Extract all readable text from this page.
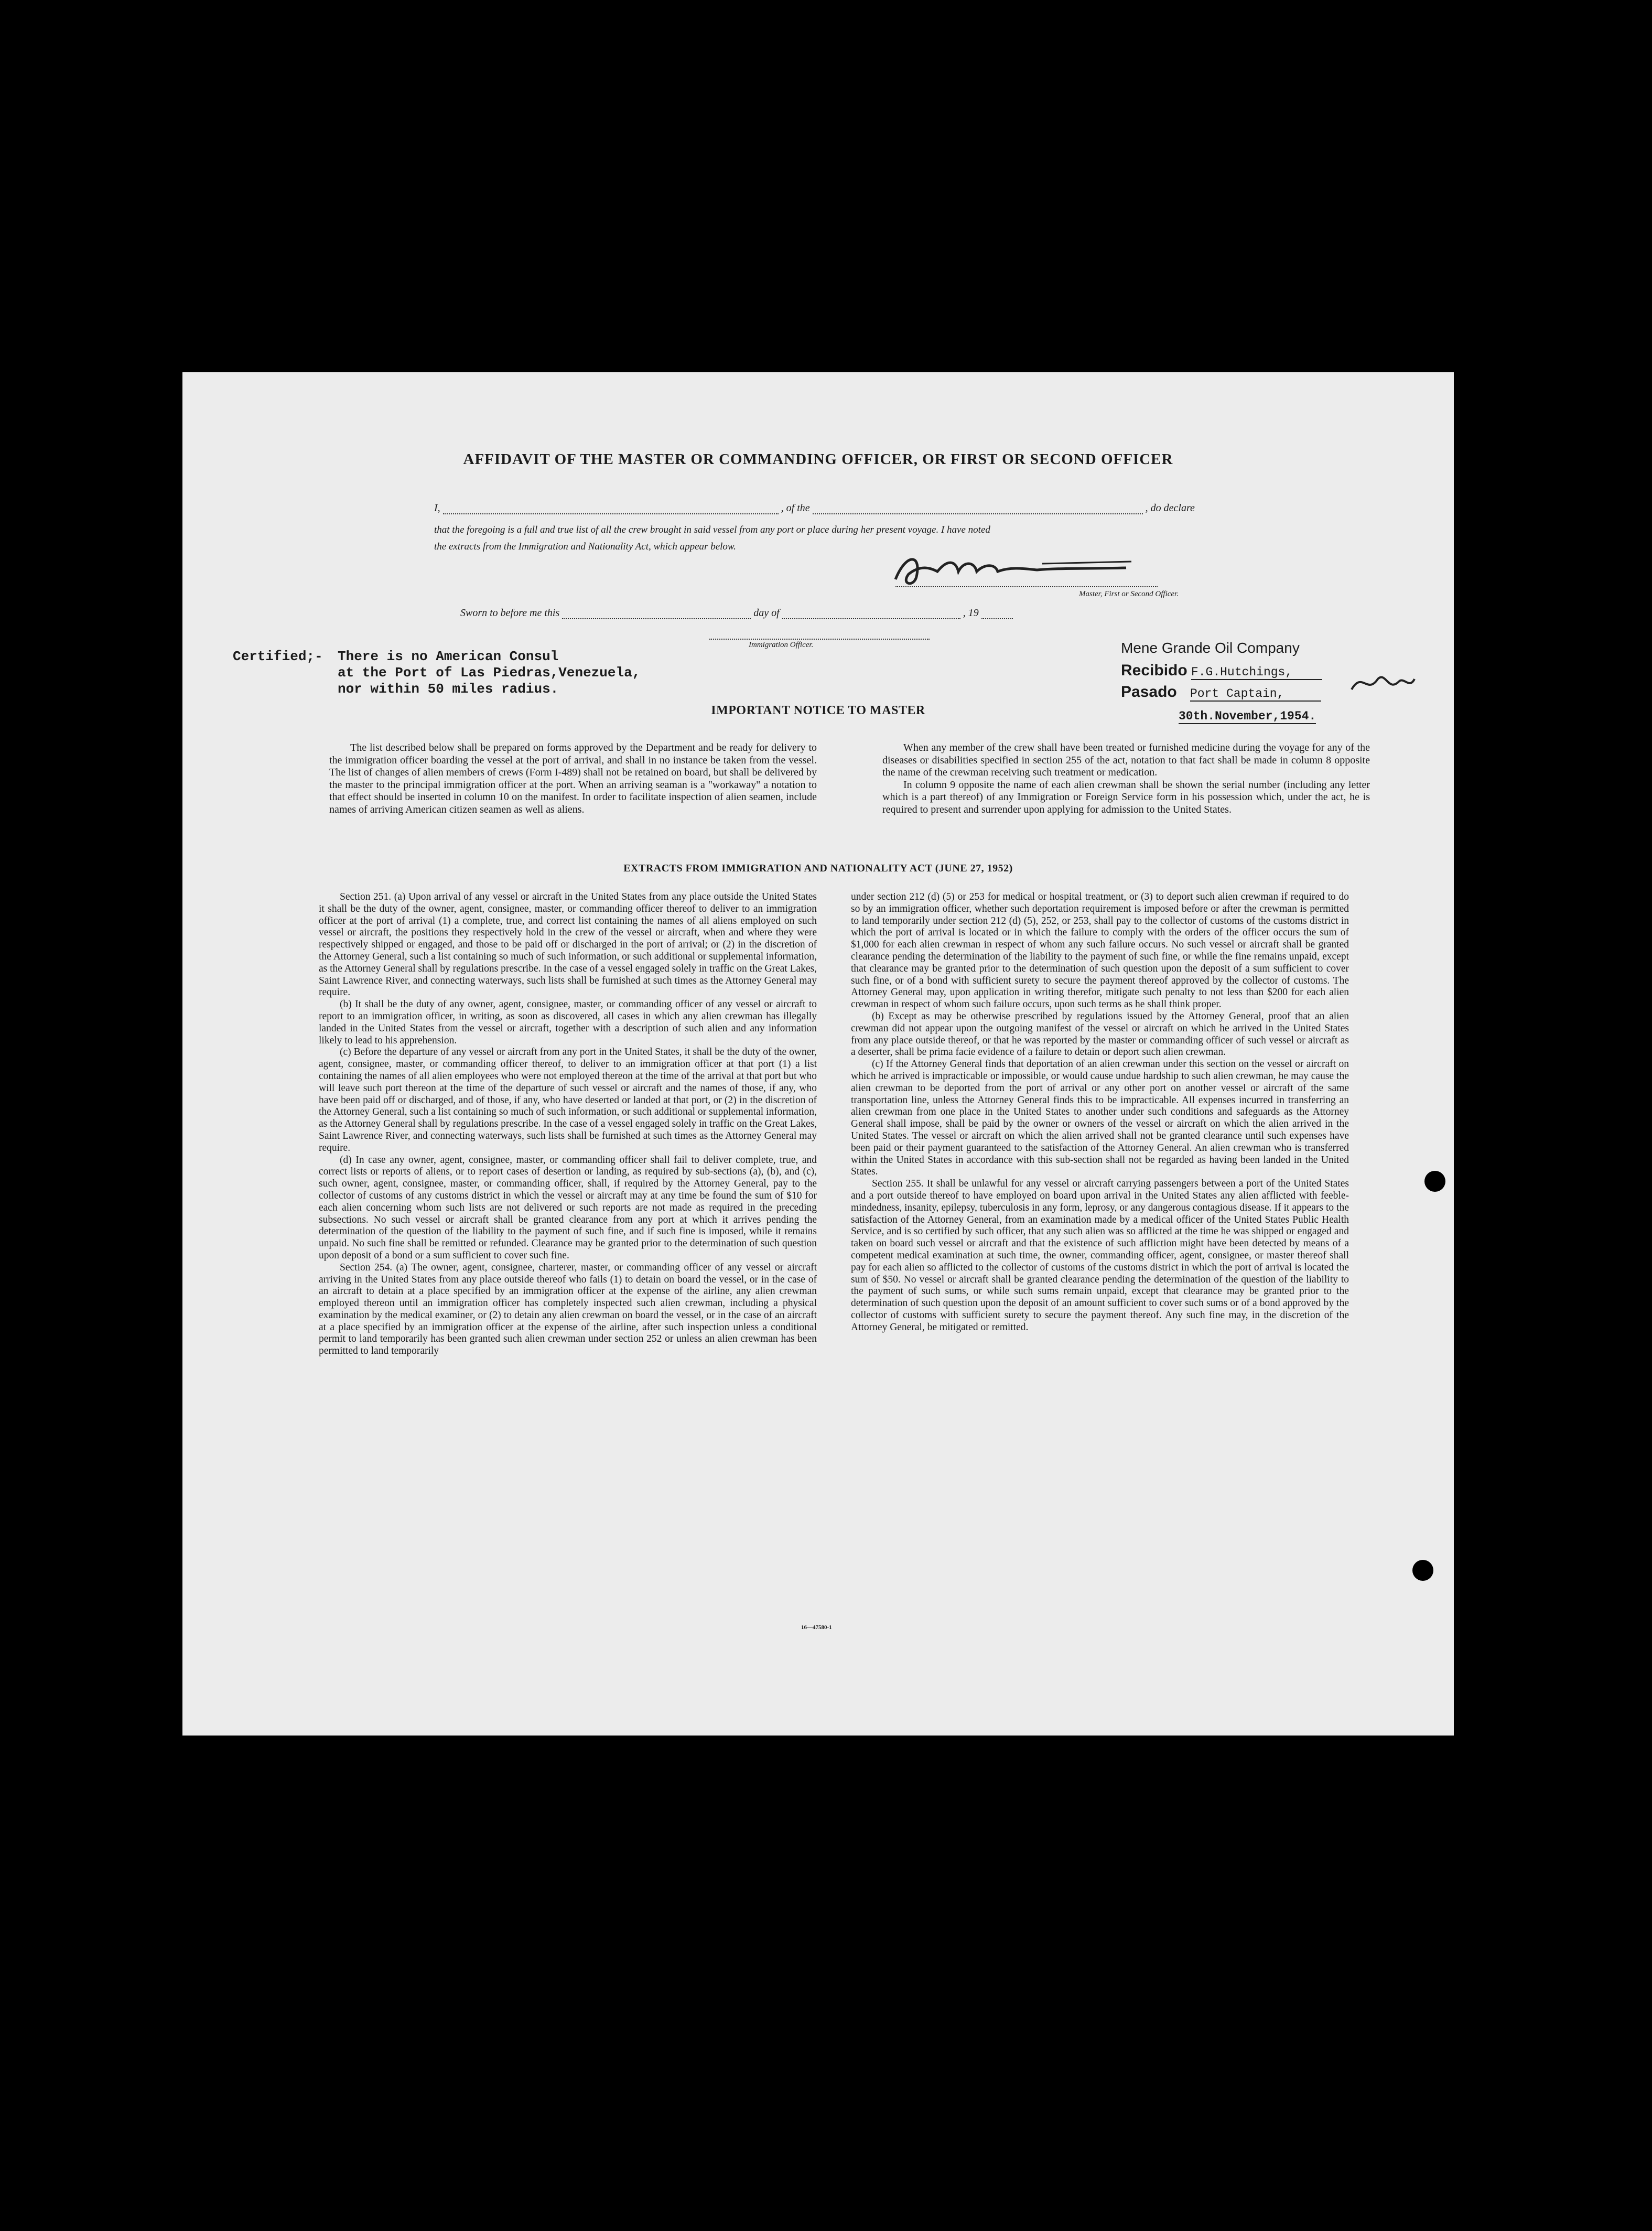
AFFIDAVIT OF THE MASTER OR COMMANDING OFFICER, OR FIRST OR SECOND OFFICER
I,	, of the	, do declare
that the foregoing is a full and true list of all the crew brought in said vessel from any port or place during her present voyage. I have noted
the extracts from the Immigration and Nationality Act, which appear below.
Master, First or Second Officer.
Sworn to before me this	day of	, 19
Immigration Officer.
Certified;- There is no American Consul
at the Port of Las Piedras,Venezuela,
nor within 50 miles radius.
Mene Grande Oil Company
Recibido F.G.Hutchings,
Pasado Port Captain,
30th.November,1954.
IMPORTANT NOTICE TO MASTER
The list described below shall be prepared on forms approved by the Department and be ready for delivery to the immigration officer boarding the vessel at the port of arrival, and shall in no instance be taken from the vessel. The list of changes of alien members of crews (Form I-489) shall not be retained on board, but shall be delivered by the master to the principal immigration officer at the port. When an arriving seaman is a "workaway" a notation to that effect should be inserted in column 10 on the manifest. In order to facilitate inspection of alien seamen, include names of arriving American citizen seamen as well as aliens.

When any member of the crew shall have been treated or furnished medicine during the voyage for any of the diseases or disabilities specified in section 255 of the act, notation to that fact shall be made in column 8 opposite the name of the crewman receiving such treatment or medication.

In column 9 opposite the name of each alien crewman shall be shown the serial number (including any letter which is a part thereof) of any Immigration or Foreign Service form in his possession which, under the act, he is required to present and surrender upon applying for admission to the United States.

EXTRACTS FROM IMMIGRATION AND NATIONALITY ACT (JUNE 27, 1952)

Section 251. (a) Upon arrival of any vessel or aircraft in the United States from any place outside the United States it shall be the duty of the owner, agent, consignee, master, or commanding officer thereof to deliver to an immigration officer at the port of arrival (1) a complete, true, and correct list containing the names of all aliens employed on such vessel or aircraft, the positions they respectively hold in the crew of the vessel or aircraft, when and where they were respectively shipped or engaged, and those to be paid off or discharged in the port of arrival; or (2) in the discretion of the Attorney General, such a list containing so much of such information, or such additional or supplemental information, as the Attorney General shall by regulations prescribe. In the case of a vessel engaged solely in traffic on the Great Lakes, Saint Lawrence River, and connecting waterways, such lists shall be furnished at such times as the Attorney General may require.

(b) It shall be the duty of any owner, agent, consignee, master, or commanding officer of any vessel or aircraft to report to an immigration officer, in writing, as soon as discovered, all cases in which any alien crewman has illegally landed in the United States from the vessel or aircraft, together with a description of such alien and any information likely to lead to his apprehension.

(c) Before the departure of any vessel or aircraft from any port in the United States, it shall be the duty of the owner, agent, consignee, master, or commanding officer thereof, to deliver to an immigration officer at that port (1) a list containing the names of all alien employees who were not employed thereon at the time of the arrival at that port but who will leave such port thereon at the time of the departure of such vessel or aircraft and the names of those, if any, who have been paid off or discharged, and of those, if any, who have deserted or landed at that port, or (2) in the discretion of the Attorney General, such a list containing so much of such information, or such additional or supplemental information, as the Attorney General shall by regulations prescribe. In the case of a vessel engaged solely in traffic on the Great Lakes, Saint Lawrence River, and connecting waterways, such lists shall be furnished at such times as the Attorney General may require.

(d) In case any owner, agent, consignee, master, or commanding officer shall fail to deliver complete, true, and correct lists or reports of aliens, or to report cases of desertion or landing, as required by sub-sections (a), (b), and (c), such owner, agent, consignee, master, or commanding officer, shall, if required by the Attorney General, pay to the collector of customs of any customs district in which the vessel or aircraft may at any time be found the sum of $10 for each alien concerning whom such lists are not delivered or such reports are not made as required in the preceding subsections. No such vessel or aircraft shall be granted clearance from any port at which it arrives pending the determination of the question of the liability to the payment of such fine, and if such fine is imposed, while it remains unpaid. No such fine shall be remitted or refunded. Clearance may be granted prior to the determination of such question upon deposit of a bond or a sum sufficient to cover such fine.

Section 254. (a) The owner, agent, consignee, charterer, master, or commanding officer of any vessel or aircraft arriving in the United States from any place outside thereof who fails (1) to detain on board the vessel, or in the case of an aircraft to detain at a place specified by an immigration officer at the expense of the airline, any alien crewman employed thereon until an immigration officer has completely inspected such alien crewman, including a physical examination by the medical examiner, or (2) to detain any alien crewman on board the vessel, or in the case of an aircraft at a place specified by an immigration officer at the expense of the airline, after such inspection unless a conditional permit to land temporarily has been granted such alien crewman under section 252 or unless an alien crewman has been permitted to land temporarily

under section 212 (d) (5) or 253 for medical or hospital treatment, or (3) to deport such alien crewman if required to do so by an immigration officer, whether such deportation requirement is imposed before or after the crewman is permitted to land temporarily under section 212 (d) (5), 252, or 253, shall pay to the collector of customs of the customs district in which the port of arrival is located or in which the failure to comply with the orders of the officer occurs the sum of $1,000 for each alien crewman in respect of whom any such failure occurs. No such vessel or aircraft shall be granted clearance pending the determination of the liability to the payment of such fine, or while the fine remains unpaid, except that clearance may be granted prior to the determination of such question upon the deposit of a sum sufficient to cover such fine, or of a bond with sufficient surety to secure the payment thereof approved by the collector of customs. The Attorney General may, upon application in writing therefor, mitigate such penalty to not less than $200 for each alien crewman in respect of whom such failure occurs, upon such terms as he shall think proper.

(b) Except as may be otherwise prescribed by regulations issued by the Attorney General, proof that an alien crewman did not appear upon the outgoing manifest of the vessel or aircraft on which he arrived in the United States from any place outside thereof, or that he was reported by the master or commanding officer of such vessel or aircraft as a deserter, shall be prima facie evidence of a failure to detain or deport such alien crewman.

(c) If the Attorney General finds that deportation of an alien crewman under this section on the vessel or aircraft on which he arrived is impracticable or impossible, or would cause undue hardship to such alien crewman, he may cause the alien crewman to be deported from the port of arrival or any other port on another vessel or aircraft of the same transportation line, unless the Attorney General finds this to be impracticable. All expenses incurred in transferring an alien crewman from one place in the United States to another under such conditions and safeguards as the Attorney General shall impose, shall be paid by the owner or owners of the vessel or aircraft on which the alien arrived in the United States. The vessel or aircraft on which the alien arrived shall not be granted clearance until such expenses have been paid or their payment guaranteed to the satisfaction of the Attorney General. An alien crewman who is transferred within the United States in accordance with this sub-section shall not be regarded as having been landed in the United States.

Section 255. It shall be unlawful for any vessel or aircraft carrying passengers between a port of the United States and a port outside thereof to have employed on board upon arrival in the United States any alien afflicted with feeble-mindedness, insanity, epilepsy, tuberculosis in any form, leprosy, or any dangerous contagious disease. If it appears to the satisfaction of the Attorney General, from an examination made by a medical officer of the United States Public Health Service, and is so certified by such officer, that any such alien was so afflicted at the time he was shipped or engaged and taken on board such vessel or aircraft and that the existence of such affliction might have been detected by means of a competent medical examination at such time, the owner, commanding officer, agent, consignee, or master thereof shall pay for each alien so afflicted to the collector of customs of the customs district in which the port of arrival is located the sum of $50. No vessel or aircraft shall be granted clearance pending the determination of the question of the liability to the payment of such sums, or while such sums remain unpaid, except that clearance may be granted prior to the determination of such question upon the deposit of an amount sufficient to cover such sums or of a bond approved by the collector of customs with sufficient surety to secure the payment thereof. Any such fine may, in the discretion of the Attorney General, be mitigated or remitted.

16—47580-1
